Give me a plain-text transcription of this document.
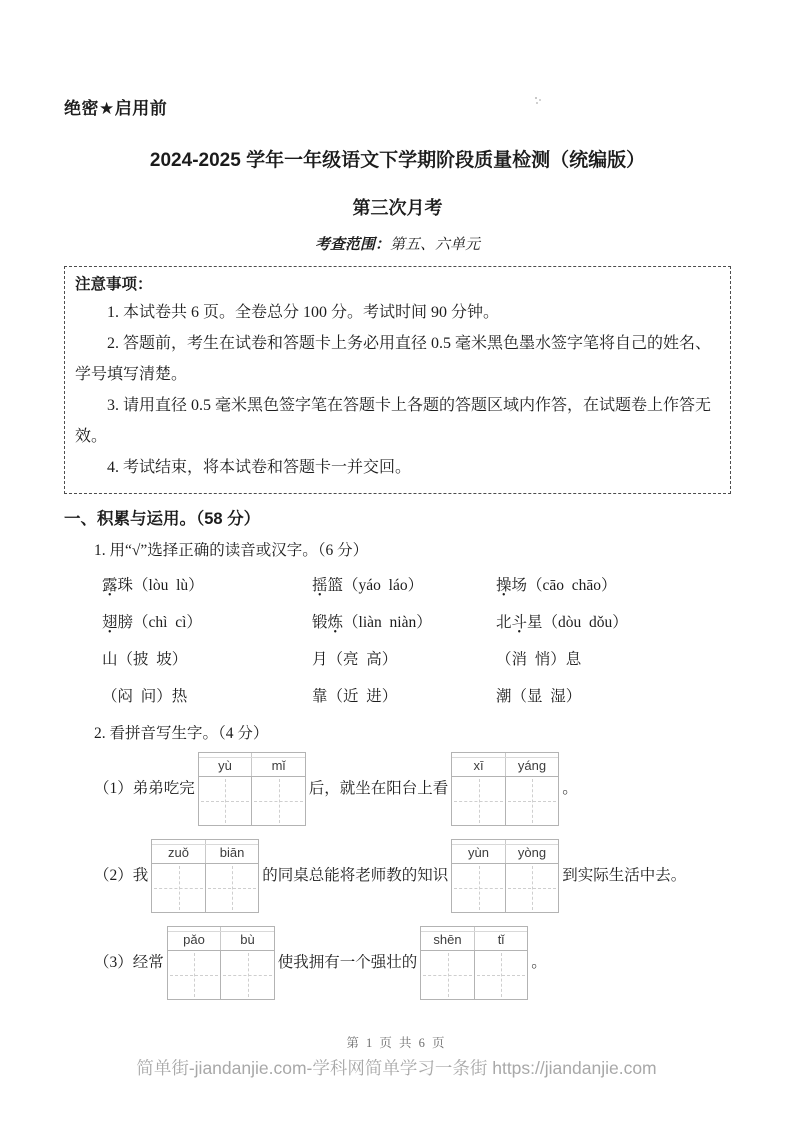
绝密★启用前
2024-2025 学年一年级语文下学期阶段质量检测（统编版）
第三次月考
考查范围：第五、六单元
注意事项：

1. 本试卷共 6 页。全卷总分 100 分。考试时间 90 分钟。

2. 答题前，考生在试卷和答题卡上务必用直径 0.5 毫米黑色墨水签字笔将自己的姓名、学号填写清楚。

3. 请用直径 0.5 毫米黑色签字笔在答题卡上各题的答题区域内作答，在试题卷上作答无效。

4. 考试结束，将本试卷和答题卡一并交回。

一、积累与运用。（58 分）
1. 用“√”选择正确的读音或汉字。（6 分）
露珠（lòu  lù）	摇篮（yáo  láo）	操场（cāo  chāo）
翅膀（chì  cì）	锻炼（liàn  niàn）	北斗星（dòu  dǒu）
山（披  坡）	月（亮  高）	（消  悄）息
（闷  问）热	靠（近  进）	潮（显  湿）
2. 看拼音写生字。（4 分）
（1）弟弟吃完
yù	mǐ
后，就坐在阳台上看
xī	yáng
。
（2）我
zuǒ	biān
的同桌总能将老师教的知识
yùn	yòng
到实际生活中去。
（3）经常
pǎo	bù
使我拥有一个强壮的
shēn	tǐ
。
第 1 页 共 6 页
简单街-jiandanjie.com-学科网简单学习一条街 https://jiandanjie.com
